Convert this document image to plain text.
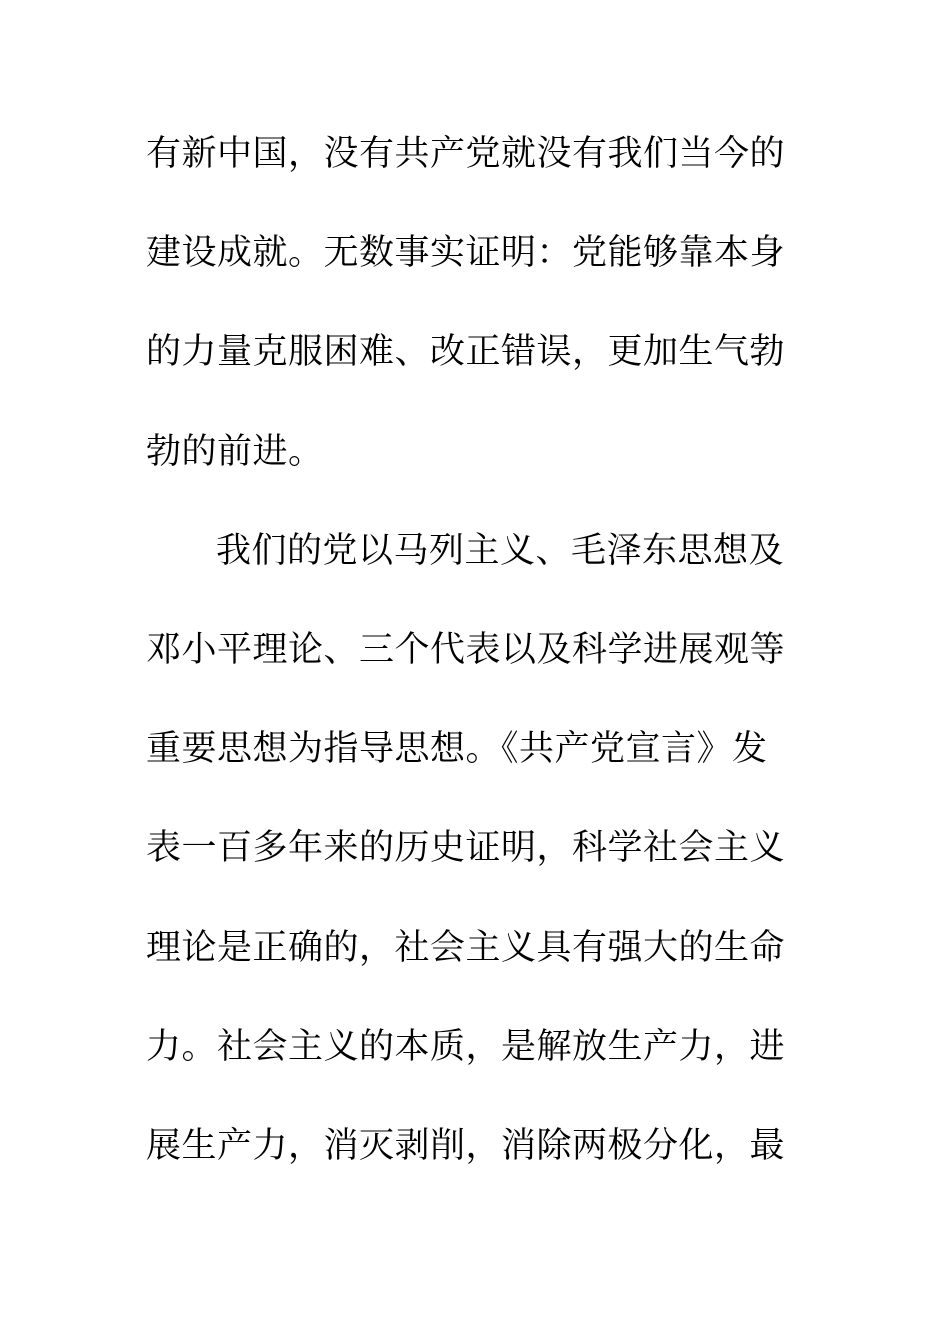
有新中国，没有共产党就没有我们当今的
建设成就。无数事实证明：党能够靠本身
的力量克服困难、改正错误，更加生气勃
勃的前进。
我们的党以马列主义、毛泽东思想及
邓小平理论、三个代表以及科学进展观等
重要思想为指导思想。《共产党宣言》发
表一百多年来的历史证明，科学社会主义
理论是正确的，社会主义具有强大的生命
力。社会主义的本质，是解放生产力，进
展生产力，消灭剥削，消除两极分化，最
